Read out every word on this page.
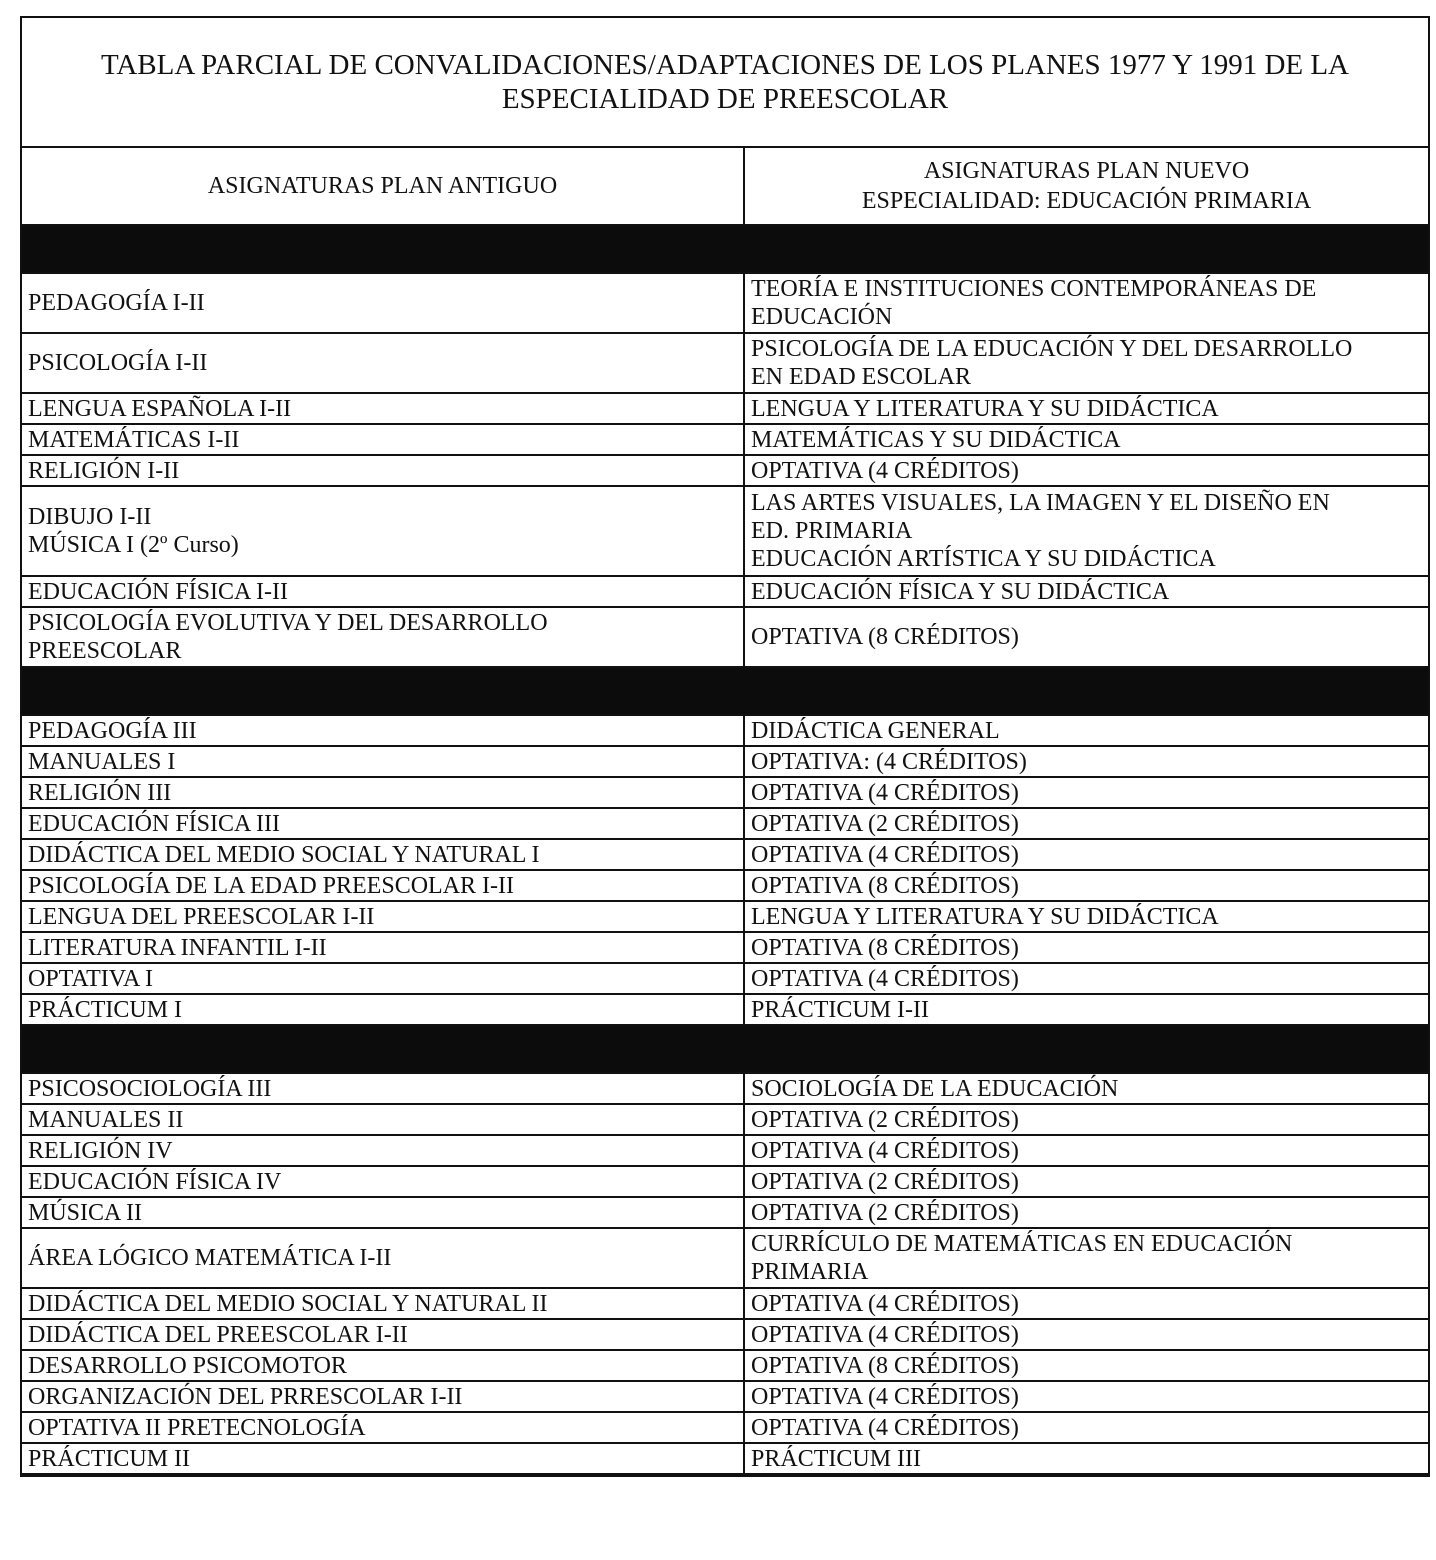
TABLA PARCIAL DE CONVALIDACIONES/ADAPTACIONES DE LOS PLANES 1977 Y 1991 DE LA
ESPECIALIDAD DE PREESCOLAR
ASIGNATURAS PLAN ANTIGUO	ASIGNATURAS PLAN NUEVO
ESPECIALIDAD: EDUCACIÓN PRIMARIA

PEDAGOGÍA I-II	TEORÍA E INSTITUCIONES CONTEMPORÁNEAS DE
EDUCACIÓN

PSICOLOGÍA I-II	PSICOLOGÍA DE LA EDUCACIÓN Y DEL DESARROLLO
EN EDAD ESCOLAR

LENGUA ESPAÑOLA I-II	LENGUA Y LITERATURA Y SU DIDÁCTICA

MATEMÁTICAS I-II	MATEMÁTICAS Y SU DIDÁCTICA

RELIGIÓN I-II	OPTATIVA (4 CRÉDITOS)

DIBUJO I-II
MÚSICA I (2º Curso)	LAS ARTES VISUALES, LA IMAGEN Y EL DISEÑO EN
ED. PRIMARIA
EDUCACIÓN ARTÍSTICA Y SU DIDÁCTICA

EDUCACIÓN FÍSICA I-II	EDUCACIÓN FÍSICA Y SU DIDÁCTICA

PSICOLOGÍA EVOLUTIVA Y DEL DESARROLLO
PREESCOLAR	OPTATIVA (8 CRÉDITOS)

PEDAGOGÍA III	DIDÁCTICA GENERAL

MANUALES I	OPTATIVA: (4 CRÉDITOS)

RELIGIÓN III	OPTATIVA (4 CRÉDITOS)

EDUCACIÓN FÍSICA III	OPTATIVA (2 CRÉDITOS)

DIDÁCTICA DEL MEDIO SOCIAL Y NATURAL I	OPTATIVA (4 CRÉDITOS)

PSICOLOGÍA DE LA EDAD PREESCOLAR I-II	OPTATIVA (8 CRÉDITOS)

LENGUA DEL PREESCOLAR I-II	LENGUA Y LITERATURA Y SU DIDÁCTICA

LITERATURA INFANTIL I-II	OPTATIVA (8 CRÉDITOS)

OPTATIVA I	OPTATIVA (4 CRÉDITOS)

PRÁCTICUM I	PRÁCTICUM I-II

PSICOSOCIOLOGÍA III	SOCIOLOGÍA DE LA EDUCACIÓN

MANUALES II	OPTATIVA (2 CRÉDITOS)

RELIGIÓN IV	OPTATIVA (4 CRÉDITOS)

EDUCACIÓN FÍSICA IV	OPTATIVA (2 CRÉDITOS)

MÚSICA II	OPTATIVA (2 CRÉDITOS)

ÁREA LÓGICO MATEMÁTICA I-II	CURRÍCULO DE MATEMÁTICAS EN EDUCACIÓN
PRIMARIA

DIDÁCTICA DEL MEDIO SOCIAL Y NATURAL II	OPTATIVA (4 CRÉDITOS)

DIDÁCTICA DEL PREESCOLAR I-II	OPTATIVA (4 CRÉDITOS)

DESARROLLO PSICOMOTOR	OPTATIVA (8 CRÉDITOS)

ORGANIZACIÓN DEL PRRESCOLAR I-II	OPTATIVA (4 CRÉDITOS)

OPTATIVA II PRETECNOLOGÍA	OPTATIVA (4 CRÉDITOS)

PRÁCTICUM II	PRÁCTICUM III
